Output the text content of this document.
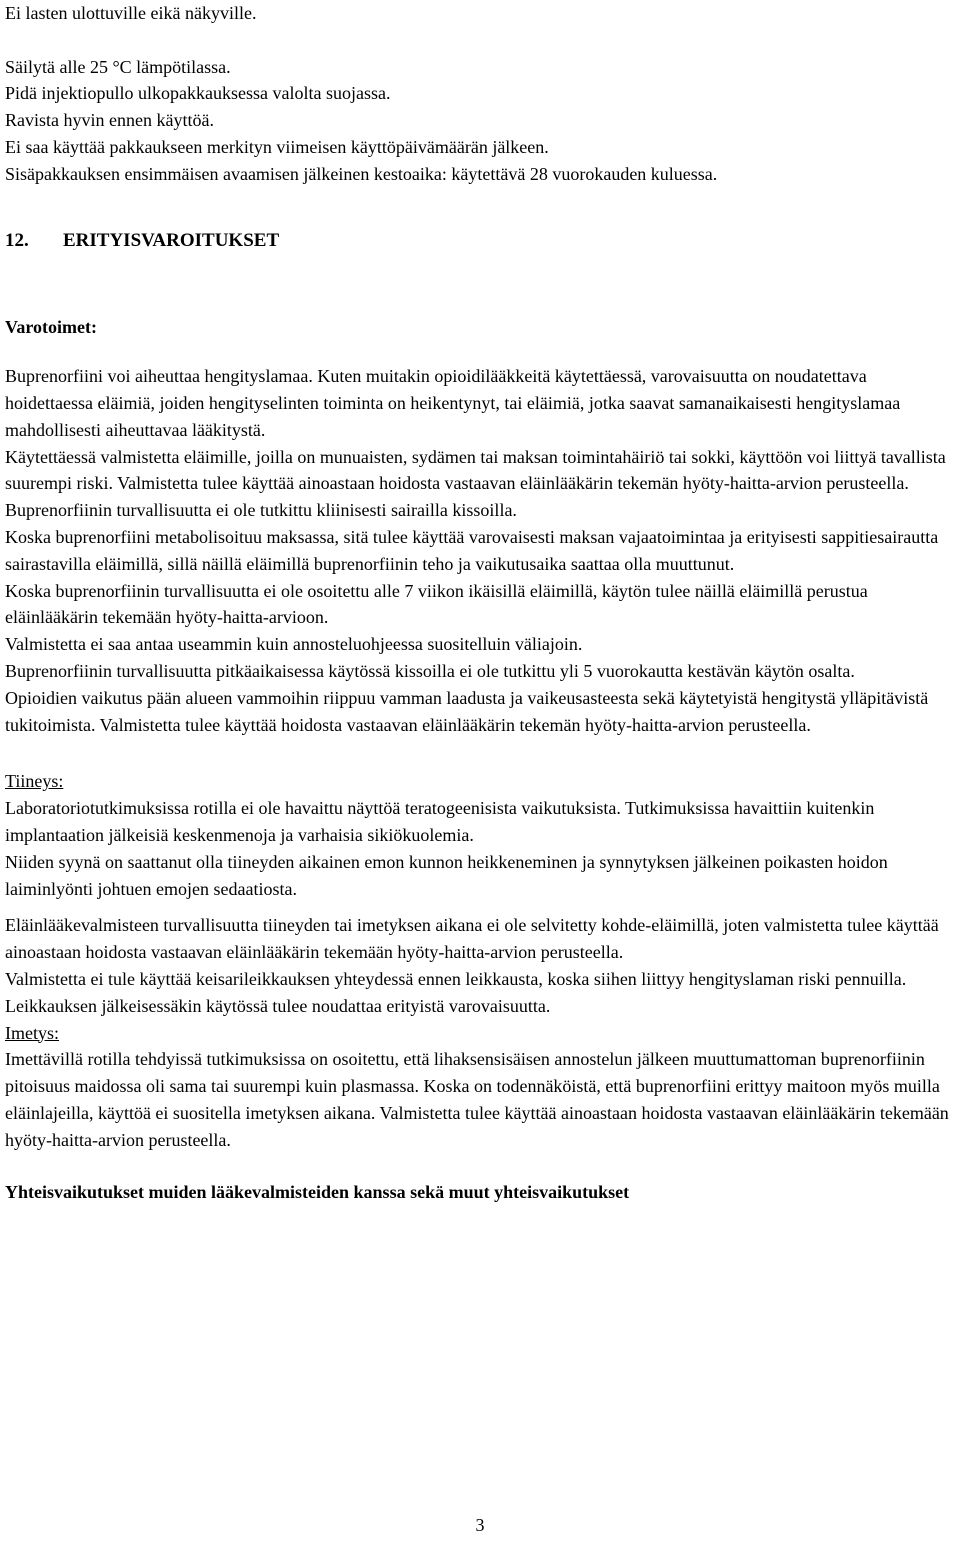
Ei lasten ulottuville eikä näkyville.

Säilytä alle 25 °C lämpötilassa.

Pidä injektiopullo ulkopakkauksessa valolta suojassa.

Ravista hyvin ennen käyttöä.

Ei saa käyttää pakkaukseen merkityn viimeisen käyttöpäivämäärän jälkeen.

Sisäpakkauksen ensimmäisen avaamisen jälkeinen kestoaika: käytettävä 28 vuorokauden kuluessa.

12. ERITYISVAROITUKSET

Varotoimet:

Buprenorfiini voi aiheuttaa hengityslamaa. Kuten muitakin opioidilääkkeitä käytettäessä, varovaisuutta on noudatettava hoidettaessa eläimiä, joiden hengityselinten toiminta on heikentynyt, tai eläimiä, jotka saavat samanaikaisesti hengityslamaa mahdollisesti aiheuttavaa lääkitystä.

Käytettäessä valmistetta eläimille, joilla on munuaisten, sydämen tai maksan toimintahäiriö tai sokki, käyttöön voi liittyä tavallista suurempi riski. Valmistetta tulee käyttää ainoastaan hoidosta vastaavan eläinlääkärin tekemän hyöty-haitta-arvion perusteella. Buprenorfiinin turvallisuutta ei ole tutkittu kliinisesti sairailla kissoilla.

Koska buprenorfiini metabolisoituu maksassa, sitä tulee käyttää varovaisesti maksan vajaatoimintaa ja erityisesti sappitiesairautta sairastavilla eläimillä, sillä näillä eläimillä buprenorfiinin teho ja vaikutusaika saattaa olla muuttunut.

Koska buprenorfiinin turvallisuutta ei ole osoitettu alle 7 viikon ikäisillä eläimillä, käytön tulee näillä eläimillä perustua eläinlääkärin tekemään hyöty-haitta-arvioon.

Valmistetta ei saa antaa useammin kuin annosteluohjeessa suositelluin väliajoin.

Buprenorfiinin turvallisuutta pitkäaikaisessa käytössä kissoilla ei ole tutkittu yli 5 vuorokautta kestävän käytön osalta.

Opioidien vaikutus pään alueen vammoihin riippuu vamman laadusta ja vaikeusasteesta sekä käytetyistä hengitystä ylläpitävistä tukitoimista. Valmistetta tulee käyttää hoidosta vastaavan eläinlääkärin tekemän hyöty-haitta-arvion perusteella.

Tiineys:

Laboratoriotutkimuksissa rotilla ei ole havaittu näyttöä teratogeenisista vaikutuksista. Tutkimuksissa havaittiin kuitenkin implantaation jälkeisiä keskenmenoja ja varhaisia sikiökuolemia.

Niiden syynä on saattanut olla tiineyden aikainen emon kunnon heikkeneminen ja synnytyksen jälkeinen poikasten hoidon laiminlyönti johtuen emojen sedaatiosta.

Eläinlääkevalmisteen turvallisuutta tiineyden tai imetyksen aikana ei ole selvitetty kohde-eläimillä, joten valmistetta tulee käyttää ainoastaan hoidosta vastaavan eläinlääkärin tekemään hyöty-haitta-arvion perusteella.

Valmistetta ei tule käyttää keisarileikkauksen yhteydessä ennen leikkausta, koska siihen liittyy hengityslaman riski pennuilla. Leikkauksen jälkeisessäkin käytössä tulee noudattaa erityistä varovaisuutta.

Imetys:

Imettävillä rotilla tehdyissä tutkimuksissa on osoitettu, että lihaksensisäisen annostelun jälkeen muuttumattoman buprenorfiinin pitoisuus maidossa oli sama tai suurempi kuin plasmassa. Koska on todennäköistä, että buprenorfiini erittyy maitoon myös muilla eläinlajeilla, käyttöä ei suositella imetyksen aikana. Valmistetta tulee käyttää ainoastaan hoidosta vastaavan eläinlääkärin tekemään hyöty-haitta-arvion perusteella.

Yhteisvaikutukset muiden lääkevalmisteiden kanssa sekä muut yhteisvaikutukset

3
